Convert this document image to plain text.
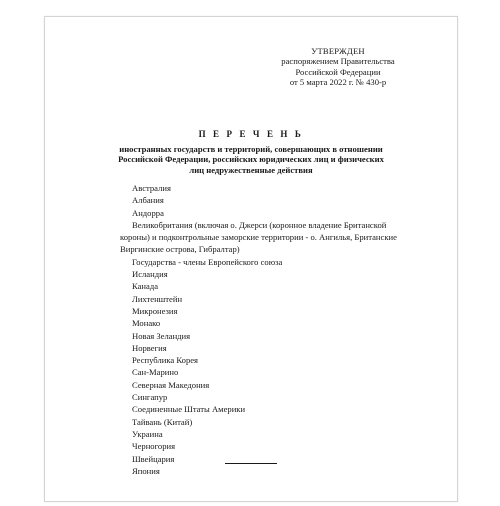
УТВЕРЖДЕН
распоряжением Правительства
Российской Федерации
от 5 марта 2022 г. № 430-р
П Е Р Е Ч Е Н Ь
иностранных государств и территорий, совершающих в отношении Российской Федерации, российских юридических лиц и физических лиц недружественные действия
Австралия
Албания
Андорра
Великобритания (включая о. Джерси (коронное владение Британской
короны) и подконтрольные заморские территории - о. Ангилья, Британские Виргинские острова, Гибралтар)
Государства - члены Европейского союза
Исландия
Канада
Лихтенштейн
Микронезия
Монако
Новая Зеландия
Норвегия
Республика Корея
Сан-Марино
Северная Македония
Сингапур
Соединенные Штаты Америки
Тайвань (Китай)
Украина
Черногория
Швейцария
Япония
